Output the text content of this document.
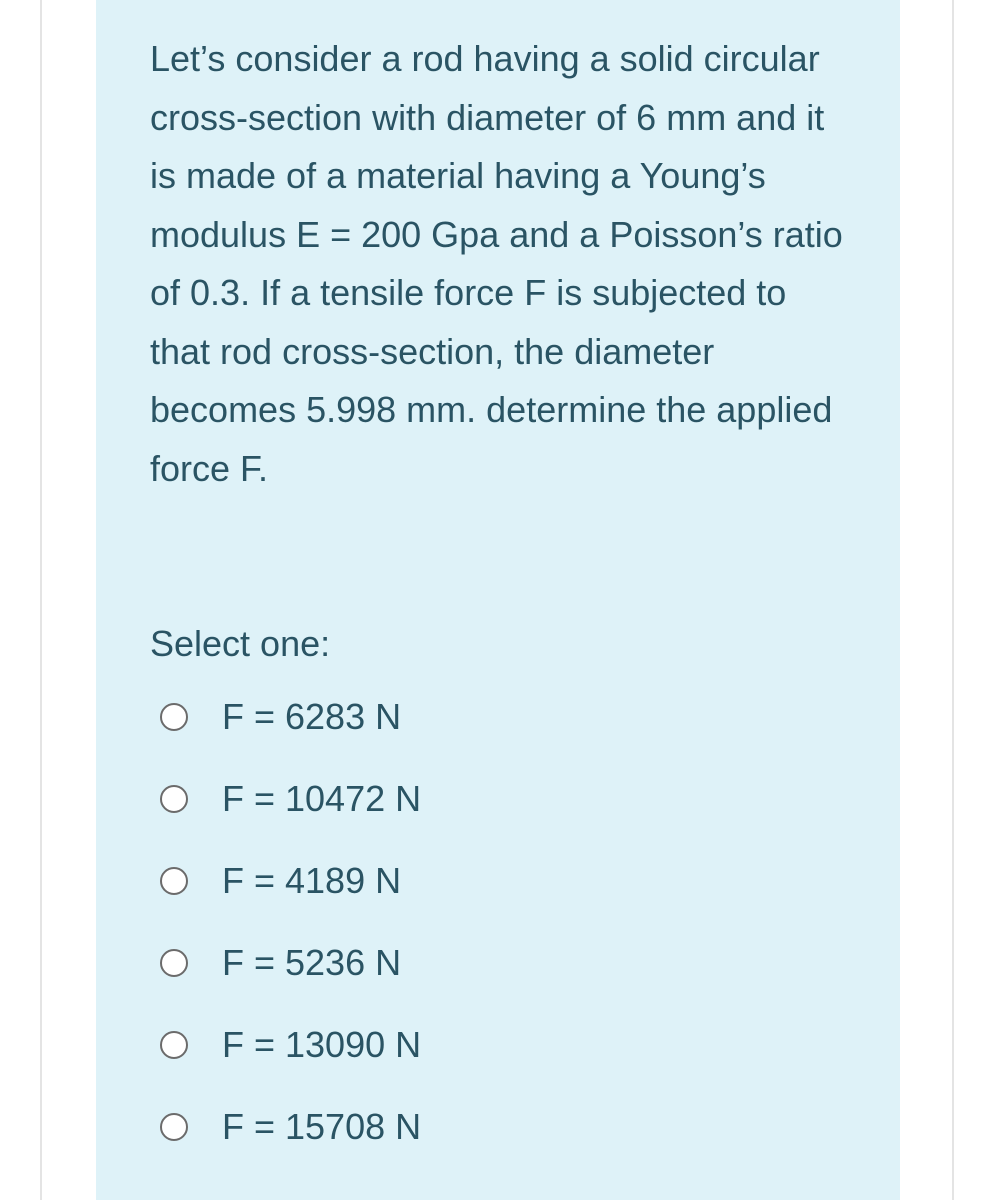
Let’s consider a rod having a solid circular cross-section with diameter of 6 mm and it is made of a material having a Young’s modulus E = 200 Gpa and a Poisson’s ratio of 0.3. If a tensile force F is subjected to that rod cross-section, the diameter becomes 5.998 mm. determine the applied force F.

Select one:

F = 6283 N
F = 10472 N
F = 4189 N
F = 5236 N
F = 13090 N
F = 15708 N
